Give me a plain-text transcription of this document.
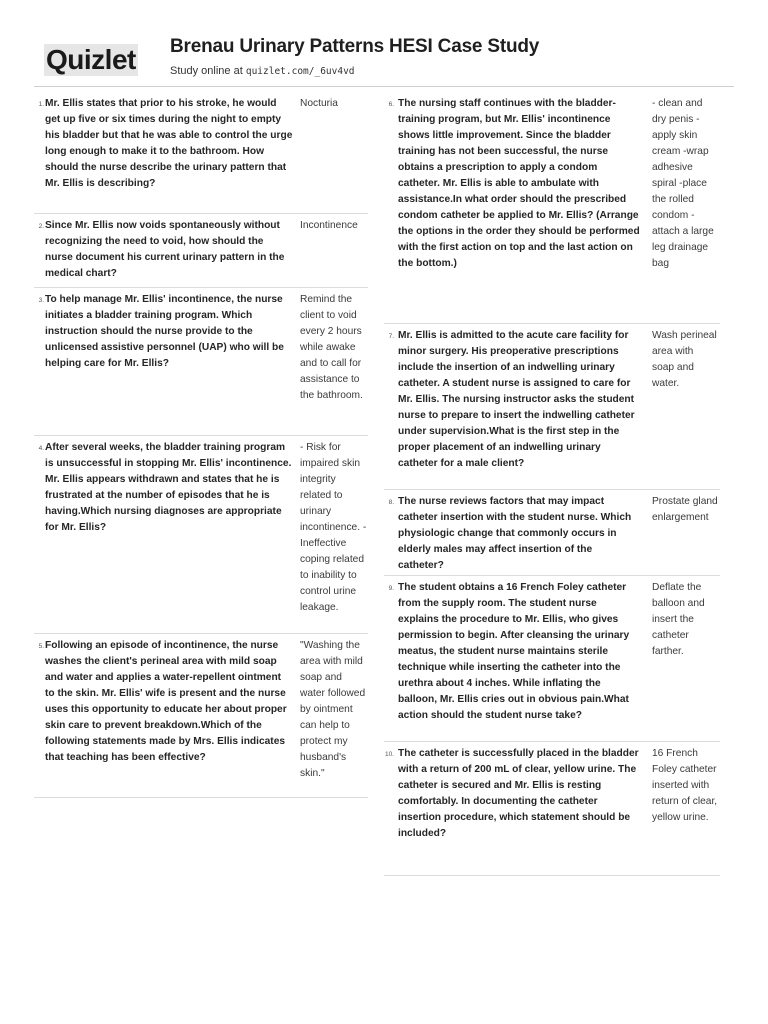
Quizlet Brenau Urinary Patterns HESI Case Study
Study online at quizlet.com/_6uv4vd
1. Mr. Ellis states that prior to his stroke, he would get up five or six times during the night to empty his bladder but that he was able to control the urge long enough to make it to the bathroom. How should the nurse describe the urinary pattern that Mr. Ellis is describing?
Nocturia
2. Since Mr. Ellis now voids spontaneously without recognizing the need to void, how should the nurse document his current urinary pattern in the medical chart?
Incontinence
3. To help manage Mr. Ellis' incontinence, the nurse initiates a bladder training program. Which instruction should the nurse provide to the unlicensed assistive personnel (UAP) who will be helping care for Mr. Ellis?
Remind the client to void every 2 hours while awake and to call for assistance to the bathroom.
4. After several weeks, the bladder training program is unsuccessful in stopping Mr. Ellis' incontinence. Mr. Ellis appears withdrawn and states that he is frustrated at the number of episodes that he is having.Which nursing diagnoses are appropriate for Mr. Ellis?
- Risk for impaired skin integrity related to urinary incontinence. - Ineffective coping related to inability to control urine leakage.
5. Following an episode of incontinence, the nurse washes the client's perineal area with mild soap and water and applies a water-repellent ointment to the skin. Mr. Ellis' wife is present and the nurse uses this opportunity to educate her about proper skin care to prevent breakdown.Which of the following statements made by Mrs. Ellis indicates that teaching has been effective?
"Washing the area with mild soap and water followed by ointment can help to protect my husband's skin."
6. The nursing staff continues with the bladder-training program, but Mr. Ellis' incontinence shows little improvement. Since the bladder training has not been successful, the nurse obtains a prescription to apply a condom catheter. Mr. Ellis is able to ambulate with assistance.In what order should the prescribed condom catheter be applied to Mr. Ellis? (Arrange the options in the order they should be performed with the first action on top and the last action on the bottom.)
- clean and dry penis -apply skin cream -wrap adhesive spiral -place the rolled condom -attach a large leg drainage bag
7. Mr. Ellis is admitted to the acute care facility for minor surgery. His preoperative prescriptions include the insertion of an indwelling urinary catheter. A student nurse is assigned to care for Mr. Ellis. The nursing instructor asks the student nurse to prepare to insert the indwelling catheter under supervision.What is the first step in the proper placement of an indwelling urinary catheter for a male client?
Wash perineal area with soap and water.
8. The nurse reviews factors that may impact catheter insertion with the student nurse. Which physiologic change that commonly occurs in elderly males may affect insertion of the catheter?
Prostate gland enlargement
9. The student obtains a 16 French Foley catheter from the supply room. The student nurse explains the procedure to Mr. Ellis, who gives permission to begin. After cleansing the urinary meatus, the student nurse maintains sterile technique while inserting the catheter into the urethra about 4 inches. While inflating the balloon, Mr. Ellis cries out in obvious pain.What action should the student nurse take?
Deflate the balloon and insert the catheter farther.
10. The catheter is successfully placed in the bladder with a return of 200 mL of clear, yellow urine. The catheter is secured and Mr. Ellis is resting comfortably. In documenting the catheter insertion procedure, which statement should be included?
16 French Foley catheter inserted with return of clear, yellow urine.
